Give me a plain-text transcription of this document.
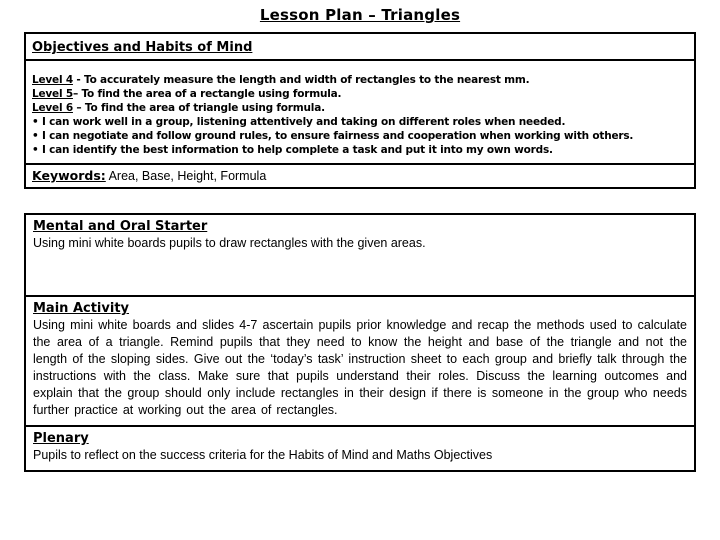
Lesson Plan – Triangles
Objectives and Habits of Mind
Level 4 - To accurately measure the length and width of rectangles to the nearest mm.
Level 5– To find the area of a rectangle using formula.
Level 6 – To find the area of triangle using formula.
• I can work well in a group, listening attentively and taking on different roles when needed.
• I can negotiate and follow ground rules, to ensure fairness and cooperation when working with others.
• I can identify the best information to help complete a task and put it into my own words.
Keywords: Area, Base, Height, Formula
Mental and Oral Starter
Using mini white boards pupils to draw rectangles with the given areas.
Main Activity
Using mini white boards and slides 4-7 ascertain pupils prior knowledge and recap the methods used to calculate the area of a triangle. Remind pupils that they need to know the height and base of the triangle and not the length of the sloping sides. Give out the ‘today’s task’ instruction sheet to each group and briefly talk through the instructions with the class. Make sure that pupils understand their roles. Discuss the learning outcomes and explain that the group should only include rectangles in their design if there is someone in the group who needs further practice at working out the area of rectangles.
Plenary
Pupils to reflect on the success criteria for the Habits of Mind and Maths Objectives
